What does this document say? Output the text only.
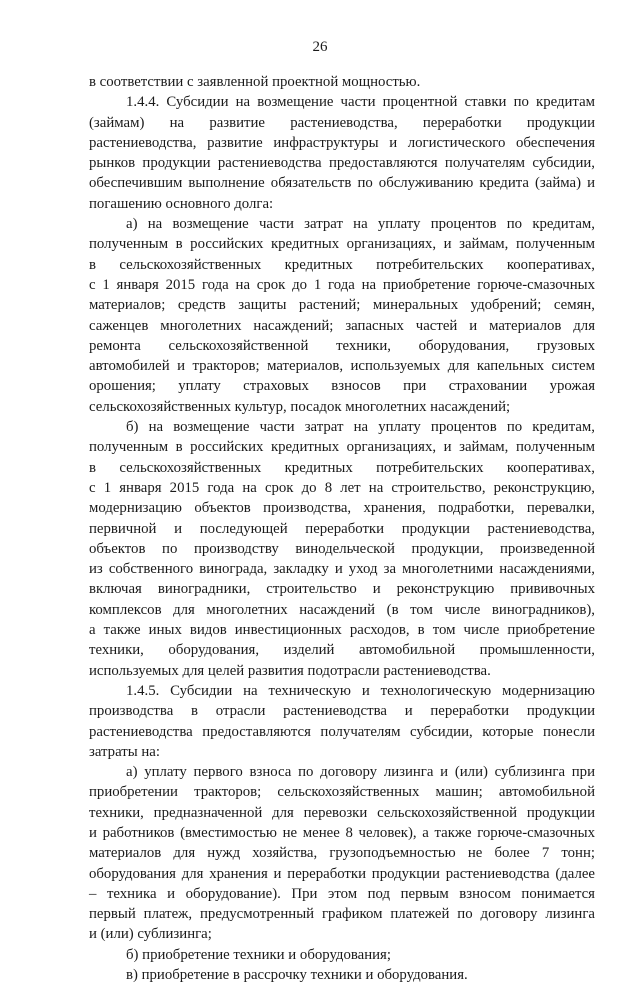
26
в соответствии с заявленной проектной мощностью.
1.4.4. Субсидии на возмещение части процентной ставки по кредитам
(займам) на развитие растениеводства, переработки продукции
растениеводства, развитие инфраструктуры и логистического обеспечения
рынков продукции растениеводства предоставляются получателям субсидии,
обеспечившим выполнение обязательств по обслуживанию кредита (займа) и
погашению основного долга:
а) на возмещение части затрат на уплату процентов по кредитам,
полученным в российских кредитных организациях, и займам, полученным
в сельскохозяйственных кредитных потребительских кооперативах,
с 1 января 2015 года на срок до 1 года на приобретение горюче-смазочных
материалов; средств защиты растений; минеральных удобрений; семян,
саженцев многолетних насаждений; запасных частей и материалов для
ремонта сельскохозяйственной техники, оборудования, грузовых
автомобилей и тракторов; материалов, используемых для капельных систем
орошения; уплату страховых взносов при страховании урожая
сельскохозяйственных культур, посадок многолетних насаждений;
б) на возмещение части затрат на уплату процентов по кредитам,
полученным в российских кредитных организациях, и займам, полученным
в сельскохозяйственных кредитных потребительских кооперативах,
с 1 января 2015 года на срок до 8 лет на строительство, реконструкцию,
модернизацию объектов производства, хранения, подработки, перевалки,
первичной и последующей переработки продукции растениеводства,
объектов по производству винодельческой продукции, произведенной
из собственного винограда, закладку и уход за многолетними насаждениями,
включая виноградники, строительство и реконструкцию прививочных
комплексов для многолетних насаждений (в том числе виноградников),
а также иных видов инвестиционных расходов, в том числе приобретение
техники, оборудования, изделий автомобильной промышленности,
используемых для целей развития подотрасли растениеводства.
1.4.5. Субсидии на техническую и технологическую модернизацию
производства в отрасли растениеводства и переработки продукции
растениеводства предоставляются получателям субсидии, которые понесли
затраты на:
а) уплату первого взноса по договору лизинга и (или) сублизинга при
приобретении тракторов; сельскохозяйственных машин; автомобильной
техники, предназначенной для перевозки сельскохозяйственной продукции
и работников (вместимостью не менее 8 человек), а также горюче-смазочных
материалов для нужд хозяйства, грузоподъемностью не более 7 тонн;
оборудования для хранения и переработки продукции растениеводства (далее
– техника и оборудование). При этом под первым взносом понимается
первый платеж, предусмотренный графиком платежей по договору лизинга
и (или) сублизинга;
б) приобретение техники и оборудования;
в) приобретение в рассрочку техники и оборудования.
